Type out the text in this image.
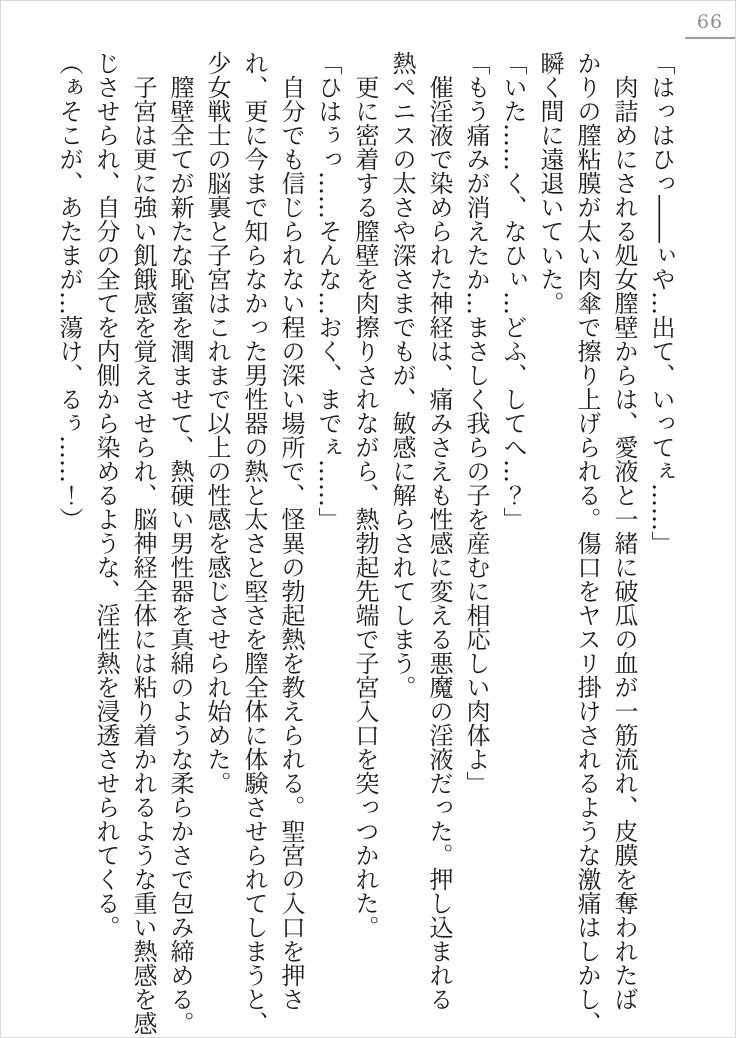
66

「はっはひっ――ぃや…出て、いってぇ……」

肉詰めにされる処女膣壁からは、愛液と一緒に破瓜の血が一筋流れ、皮膜を奪われたば

かりの膣粘膜が太い肉傘で擦り上げられる。傷口をヤスリ掛けされるような激痛はしかし、

瞬く間に遠退いていた。

「いた……く、なひぃ…どふ、してへ…？」

「もう痛みが消えたか…まさしく我らの子を産むに相応しい肉体よ」

催淫液で染められた神経は、痛みさえも性感に変える悪魔の淫液だった。押し込まれる

熱ペニスの太さや深さまでもが、敏感に解らされてしまう。

更に密着する膣壁を肉擦りされながら、熱勃起先端で子宮入口を突っつかれた。

「ひはぅっ……そんな…おく、までぇ……」

自分でも信じられない程の深い場所で、怪異の勃起熱を教えられる。聖宮の入口を押さ

れ、更に今まで知らなかった男性器の熱と太さと堅さを膣全体に体験させられてしまうと、

少女戦士の脳裏と子宮はこれまで以上の性感を感じさせられ始めた。

膣壁全てが新たな恥蜜を潤ませて、熱硬い男性器を真綿のような柔らかさで包み締める。

子宮は更に強い飢餓感を覚えさせられ、脳神経全体には粘り着かれるような重い熱感を感

じさせられ、自分の全てを内側から染めるような、淫性熱を浸透させられてくる。

（ぁそこが、あたまが…蕩け、るぅ……！）
